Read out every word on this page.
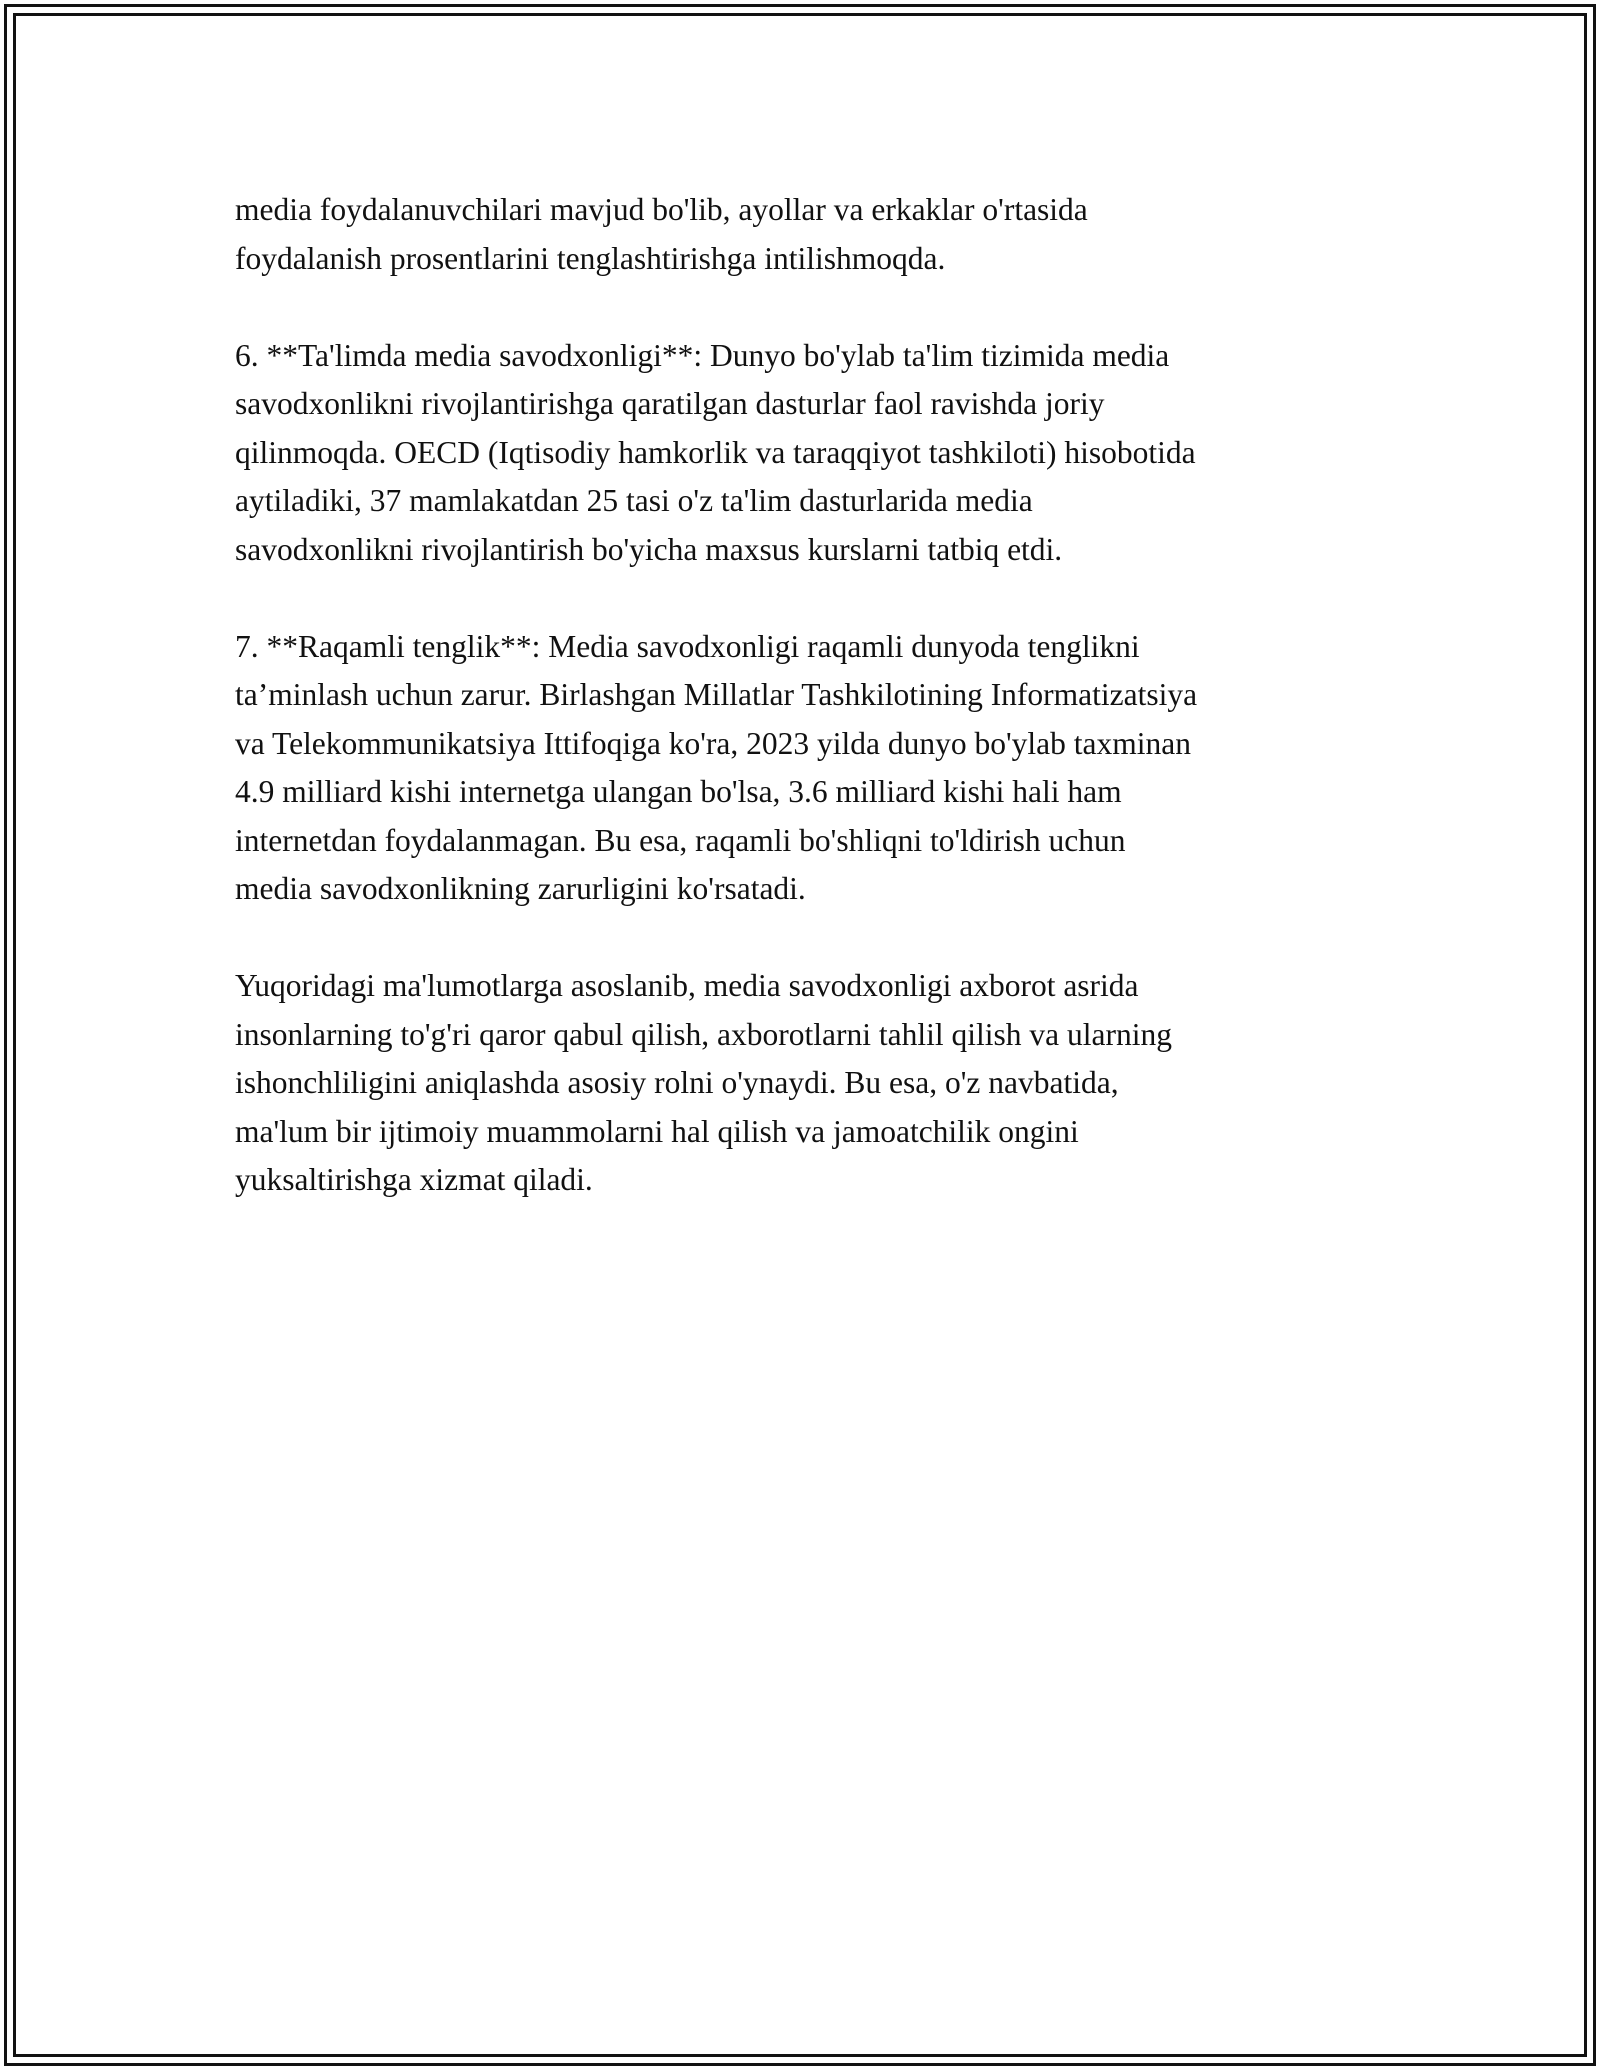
media foydalanuvchilari mavjud bo'lib, ayollar va erkaklar o'rtasida
foydalanish prosentlarini tenglashtirishga intilishmoqda.

6. **Ta'limda media savodxonligi**: Dunyo bo'ylab ta'lim tizimida media
savodxonlikni rivojlantirishga qaratilgan dasturlar faol ravishda joriy
qilinmoqda. OECD (Iqtisodiy hamkorlik va taraqqiyot tashkiloti) hisobotida
aytiladiki, 37 mamlakatdan 25 tasi o'z ta'lim dasturlarida media
savodxonlikni rivojlantirish bo'yicha maxsus kurslarni tatbiq etdi.

7. **Raqamli tenglik**: Media savodxonligi raqamli dunyoda tenglikni
ta’minlash uchun zarur. Birlashgan Millatlar Tashkilotining Informatizatsiya
va Telekommunikatsiya Ittifoqiga ko'ra, 2023 yilda dunyo bo'ylab taxminan
4.9 milliard kishi internetga ulangan bo'lsa, 3.6 milliard kishi hali ham
internetdan foydalanmagan. Bu esa, raqamli bo'shliqni to'ldirish uchun
media savodxonlikning zarurligini ko'rsatadi.

Yuqoridagi ma'lumotlarga asoslanib, media savodxonligi axborot asrida
insonlarning to'g'ri qaror qabul qilish, axborotlarni tahlil qilish va ularning
ishonchliligini aniqlashda asosiy rolni o'ynaydi. Bu esa, o'z navbatida,
ma'lum bir ijtimoiy muammolarni hal qilish va jamoatchilik ongini
yuksaltirishga xizmat qiladi.
